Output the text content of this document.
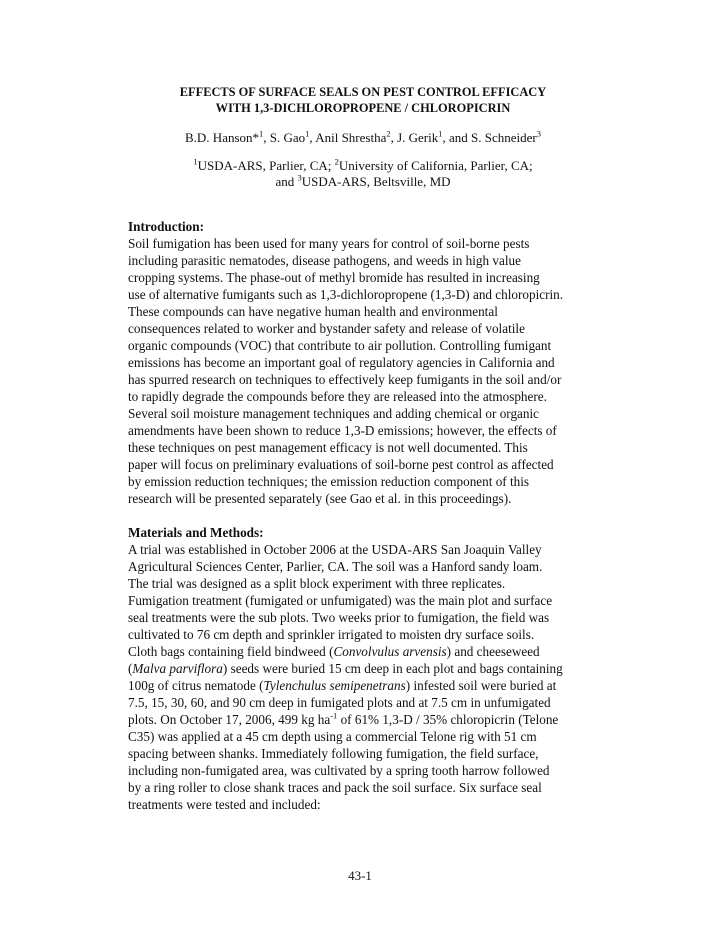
EFFECTS OF SURFACE SEALS ON PEST CONTROL EFFICACY
WITH 1,3-DICHLOROPROPENE / CHLOROPICRIN
B.D. Hanson*$^1$, S. Gao$^1$, Anil Shrestha$^2$, J. Gerik$^1$, and S. Schneider$^3$
$^1$USDA-ARS, Parlier, CA; $^2$University of California, Parlier, CA;
and $^3$USDA-ARS, Beltsville, MD
Introduction:
Soil fumigation has been used for many years for control of soil-borne pests
including parasitic nematodes, disease pathogens, and weeds in high value
cropping systems. The phase-out of methyl bromide has resulted in increasing
use of alternative fumigants such as 1,3-dichloropropene (1,3-D) and chloropicrin.
These compounds can have negative human health and environmental
consequences related to worker and bystander safety and release of volatile
organic compounds (VOC) that contribute to air pollution. Controlling fumigant
emissions has become an important goal of regulatory agencies in California and
has spurred research on techniques to effectively keep fumigants in the soil and/or
to rapidly degrade the compounds before they are released into the atmosphere.
Several soil moisture management techniques and adding chemical or organic
amendments have been shown to reduce 1,3-D emissions; however, the effects of
these techniques on pest management efficacy is not well documented. This
paper will focus on preliminary evaluations of soil-borne pest control as affected
by emission reduction techniques; the emission reduction component of this
research will be presented separately (see Gao et al. in this proceedings).
Materials and Methods:
A trial was established in October 2006 at the USDA-ARS San Joaquin Valley
Agricultural Sciences Center, Parlier, CA. The soil was a Hanford sandy loam.
The trial was designed as a split block experiment with three replicates.
Fumigation treatment (fumigated or unfumigated) was the main plot and surface
seal treatments were the sub plots. Two weeks prior to fumigation, the field was
cultivated to 76 cm depth and sprinkler irrigated to moisten dry surface soils.
Cloth bags containing field bindweed (Convolvulus arvensis) and cheeseweed
(Malva parviflora) seeds were buried 15 cm deep in each plot and bags containing
100g of citrus nematode (Tylenchulus semipenetrans) infested soil were buried at
7.5, 15, 30, 60, and 90 cm deep in fumigated plots and at 7.5 cm in unfumigated
plots. On October 17, 2006, 499 kg $ha^{-1}$ of 61% 1,3-D / 35% chloropicrin (Telone
C35) was applied at a 45 cm depth using a commercial Telone rig with 51 cm
spacing between shanks. Immediately following fumigation, the field surface,
including non-fumigated area, was cultivated by a spring tooth harrow followed
by a ring roller to close shank traces and pack the soil surface. Six surface seal
treatments were tested and included:
43-1
